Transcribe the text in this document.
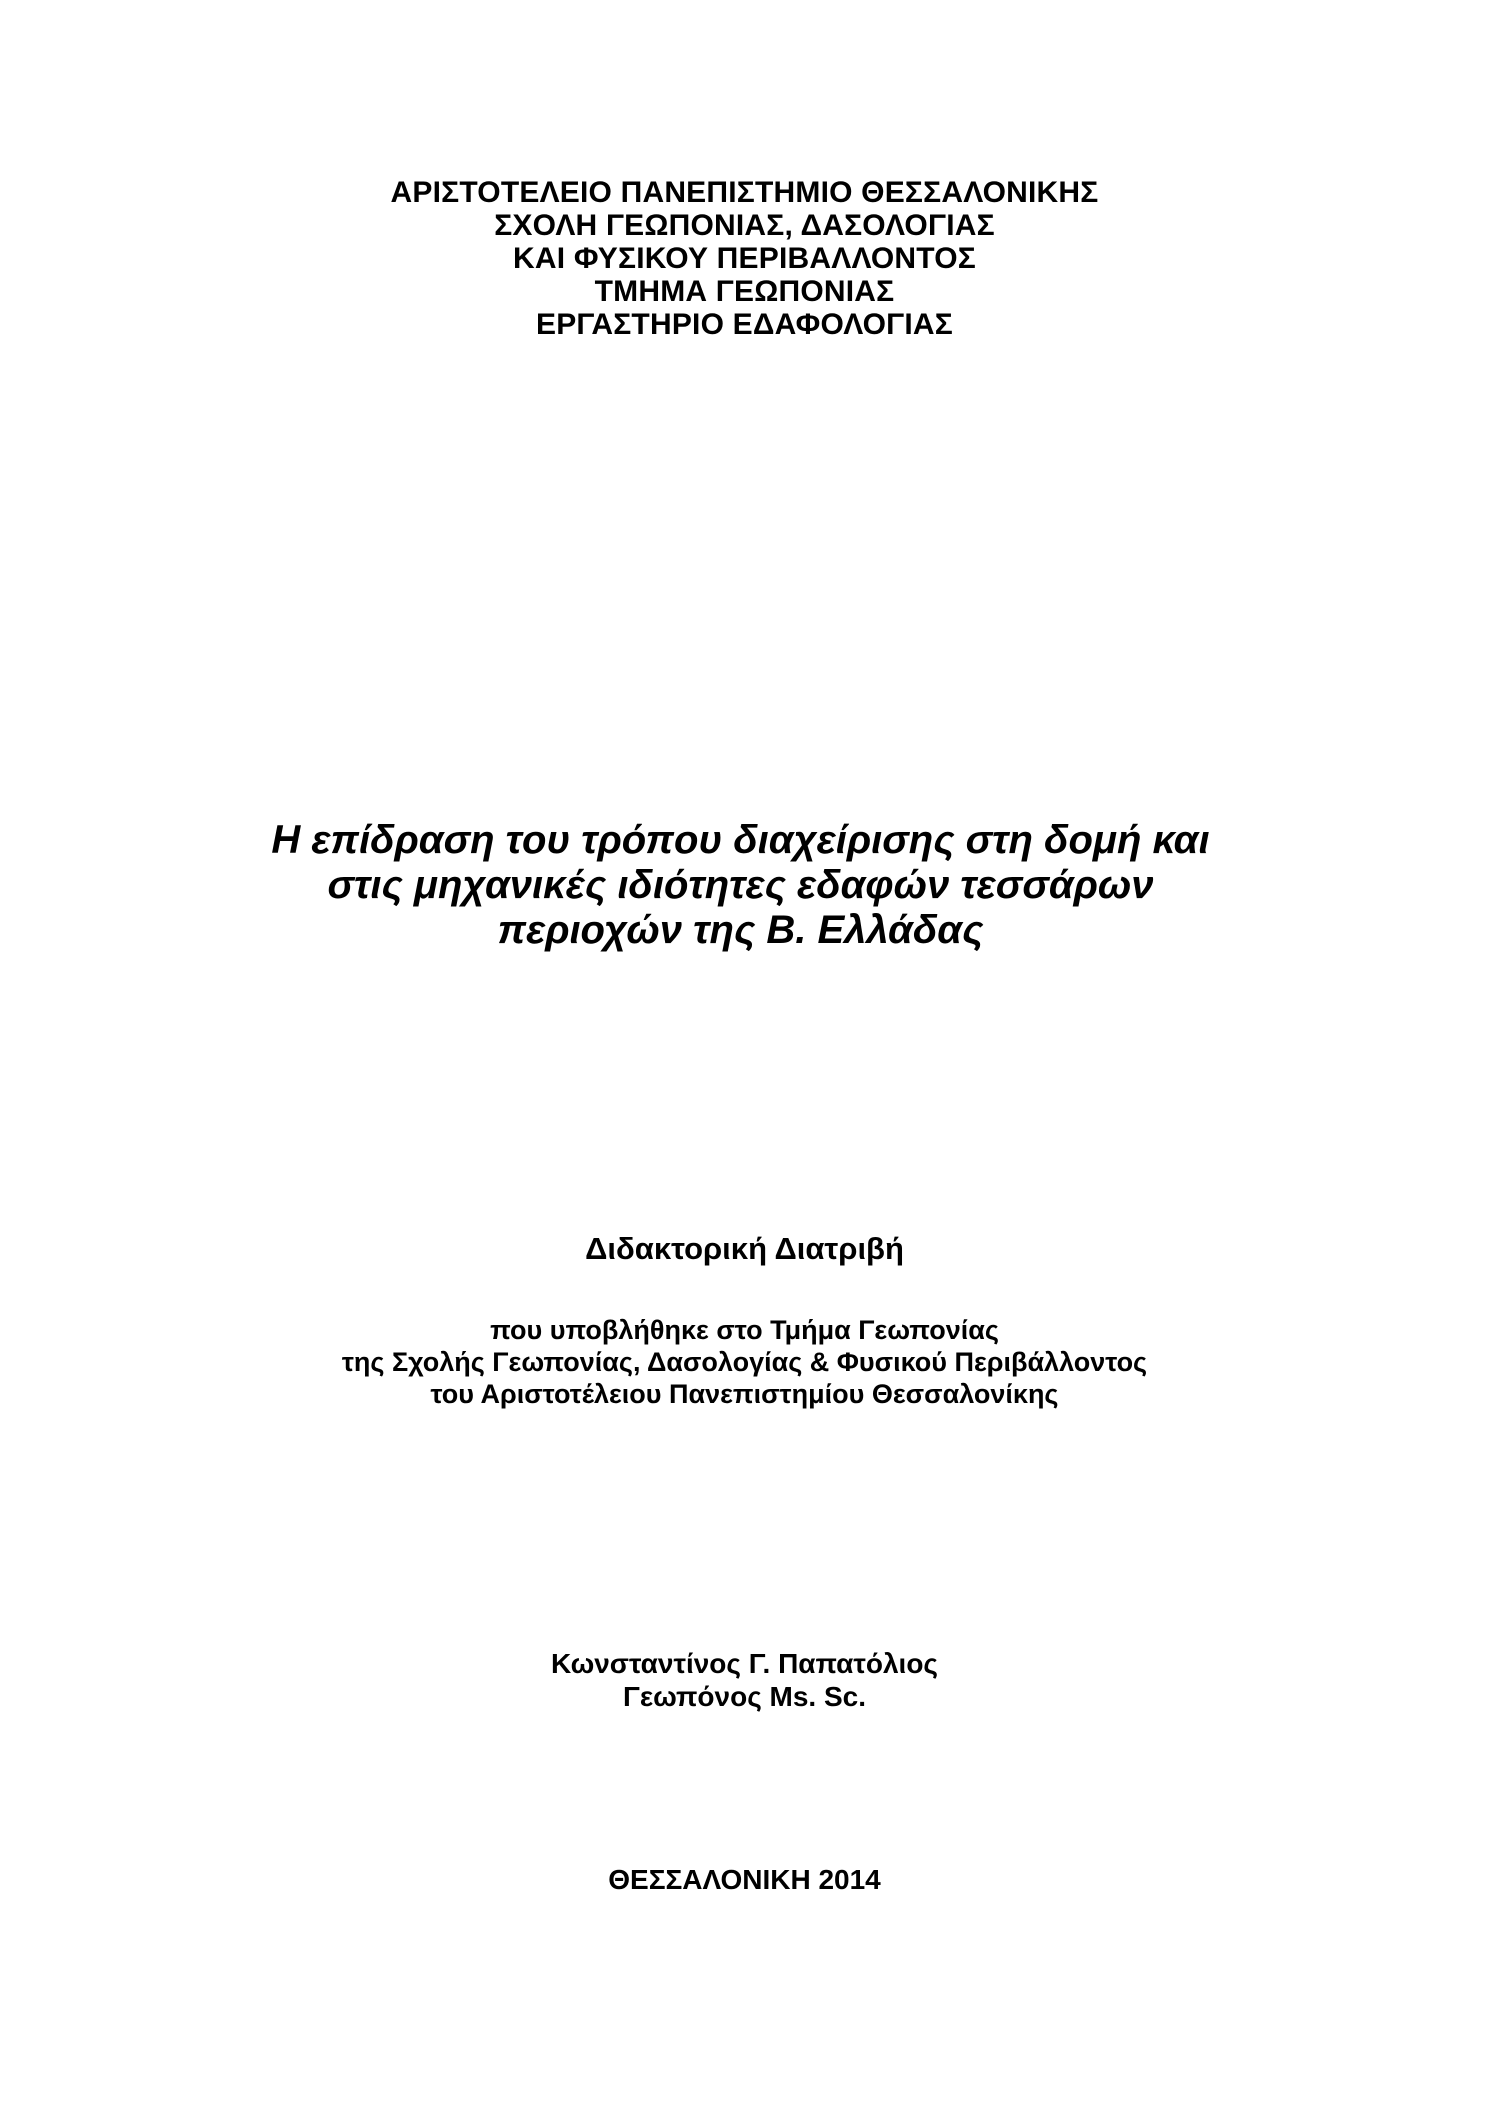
ΑΡΙΣΤΟΤΕΛΕΙΟ ΠΑΝΕΠΙΣΤΗΜΙΟ ΘΕΣΣΑΛΟΝΙΚΗΣ
ΣΧΟΛΗ ΓΕΩΠΟΝΙΑΣ, ΔΑΣΟΛΟΓΙΑΣ
ΚΑΙ ΦΥΣΙΚΟΥ ΠΕΡΙΒΑΛΛΟΝΤΟΣ
ΤΜΗΜΑ ΓΕΩΠΟΝΙΑΣ
ΕΡΓΑΣΤΗΡΙΟ ΕΔΑΦΟΛΟΓΙΑΣ
Η επίδραση του τρόπου διαχείρισης στη δομή και
στις μηχανικές ιδιότητες εδαφών τεσσάρων
περιοχών της Β. Ελλάδας
Διδακτορική Διατριβή
που υποβλήθηκε στο Τμήμα Γεωπονίας
της Σχολής Γεωπονίας, Δασολογίας & Φυσικού Περιβάλλοντος
του Αριστοτέλειου Πανεπιστημίου Θεσσαλονίκης
Κωνσταντίνος Γ. Παπατόλιος
Γεωπόνος Ms. Sc.
ΘΕΣΣΑΛΟΝΙΚΗ 2014
